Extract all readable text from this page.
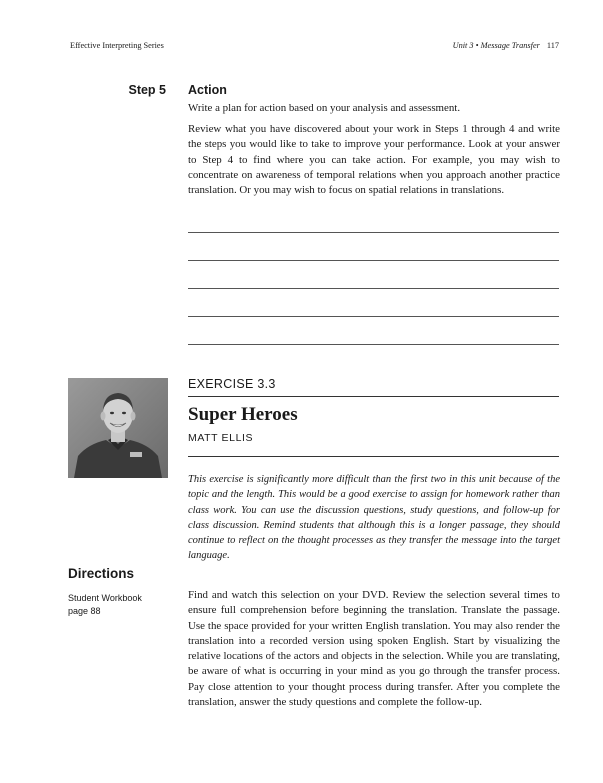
Effective Interpreting Series	Unit 3 • Message Transfer 117
Step 5 Action

Write a plan for action based on your analysis and assessment.

Review what you have discovered about your work in Steps 1 through 4 and write the steps you would like to take to improve your performance. Look at your answer to Step 4 to find where you can take action. For example, you may wish to concentrate on awareness of temporal relations when you approach another practice translation. Or you may wish to focus on spatial relations in translations.

EXERCISE 3.3
Super Heroes
MATT ELLIS

This exercise is significantly more difficult than the first two in this unit because of the topic and the length. This would be a good exercise to assign for homework rather than class work. You can use the discussion questions, study questions, and follow-up for class discussion. Remind students that although this is a longer passage, they should continue to reflect on the thought processes as they transfer the message into the target language.

Directions
Student Workbook
page 88

Find and watch this selection on your DVD. Review the selection several times to ensure full comprehension before beginning the translation. Translate the passage. Use the space provided for your written English translation. You may also render the translation into a recorded version using spoken English. Start by visualizing the relative locations of the actors and objects in the selection. While you are translating, be aware of what is occurring in your mind as you go through the transfer process. Pay close attention to your thought process during transfer. After you complete the translation, answer the study questions and complete the follow-up.
